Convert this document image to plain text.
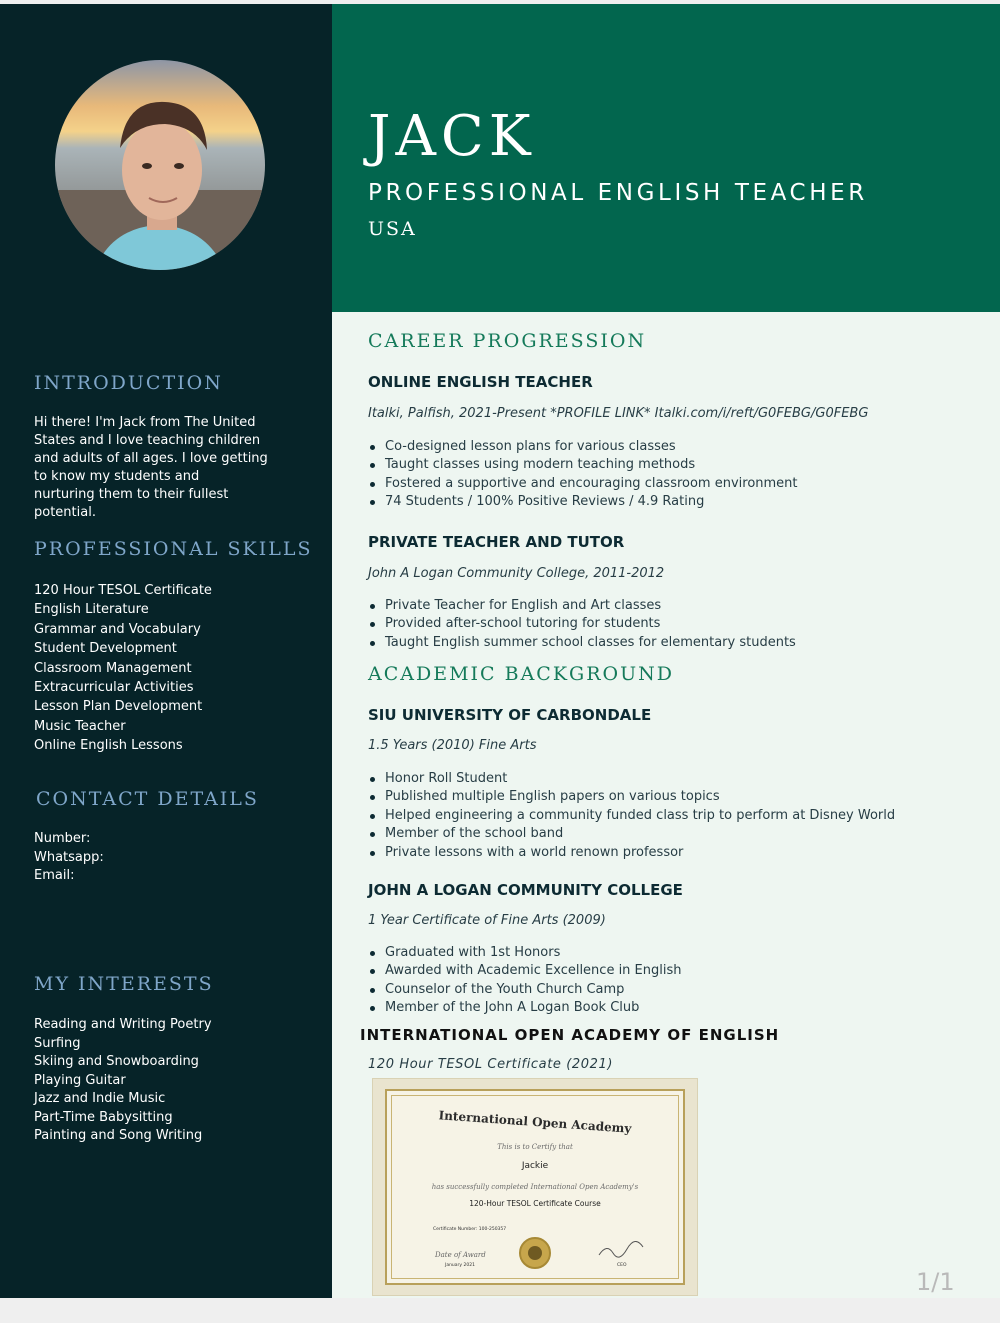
INTRODUCTION
Hi there! I'm Jack from The United
States and I love teaching children
and adults of all ages. I love getting
to know my students and
nurturing them to their fullest
potential.
PROFESSIONAL SKILLS
120 Hour TESOL Certificate
English Literature
Grammar and Vocabulary
Student Development
Classroom Management
Extracurricular Activities
Lesson Plan Development
Music Teacher
Online English Lessons
CONTACT DETAILS
Number:
Whatsapp:
Email:
MY INTERESTS
Reading and Writing Poetry
Surfing
Skiing and Snowboarding
Playing Guitar
Jazz and Indie Music
Part-Time Babysitting
Painting and Song Writing
JACK
PROFESSIONAL ENGLISH TEACHER
USA
CAREER PROGRESSION
ONLINE ENGLISH TEACHER
Italki, Palfish, 2021-Present *PROFILE LINK* Italki.com/i/reft/G0FEBG/G0FEBG
Co-designed lesson plans for various classes
Taught classes using modern teaching methods
Fostered a supportive and encouraging classroom environment
74 Students / 100% Positive Reviews / 4.9 Rating
PRIVATE TEACHER AND TUTOR
John A Logan Community College, 2011-2012
Private Teacher for English and Art classes
Provided after-school tutoring for students
Taught English summer school classes for elementary students
ACADEMIC BACKGROUND
SIU UNIVERSITY OF CARBONDALE
1.5 Years (2010) Fine Arts
Honor Roll Student
Published multiple English papers on various topics
Helped engineering a community funded class trip to perform at Disney World
Member of the school band
Private lessons with a world renown professor
JOHN A LOGAN COMMUNITY COLLEGE
1 Year Certificate of Fine Arts (2009)
Graduated with 1st Honors
Awarded with Academic Excellence in English
Counselor of the Youth Church Camp
Member of the John A Logan Book Club
INTERNATIONAL OPEN ACADEMY OF ENGLISH
120 Hour TESOL Certificate (2021)
International Open Academy
This is to Certify that
Jackie
has successfully completed International Open Academy's
120-Hour TESOL Certificate Course
Certificate Number: 100-250357
Date of Award
January 2021	CEO
1/1
